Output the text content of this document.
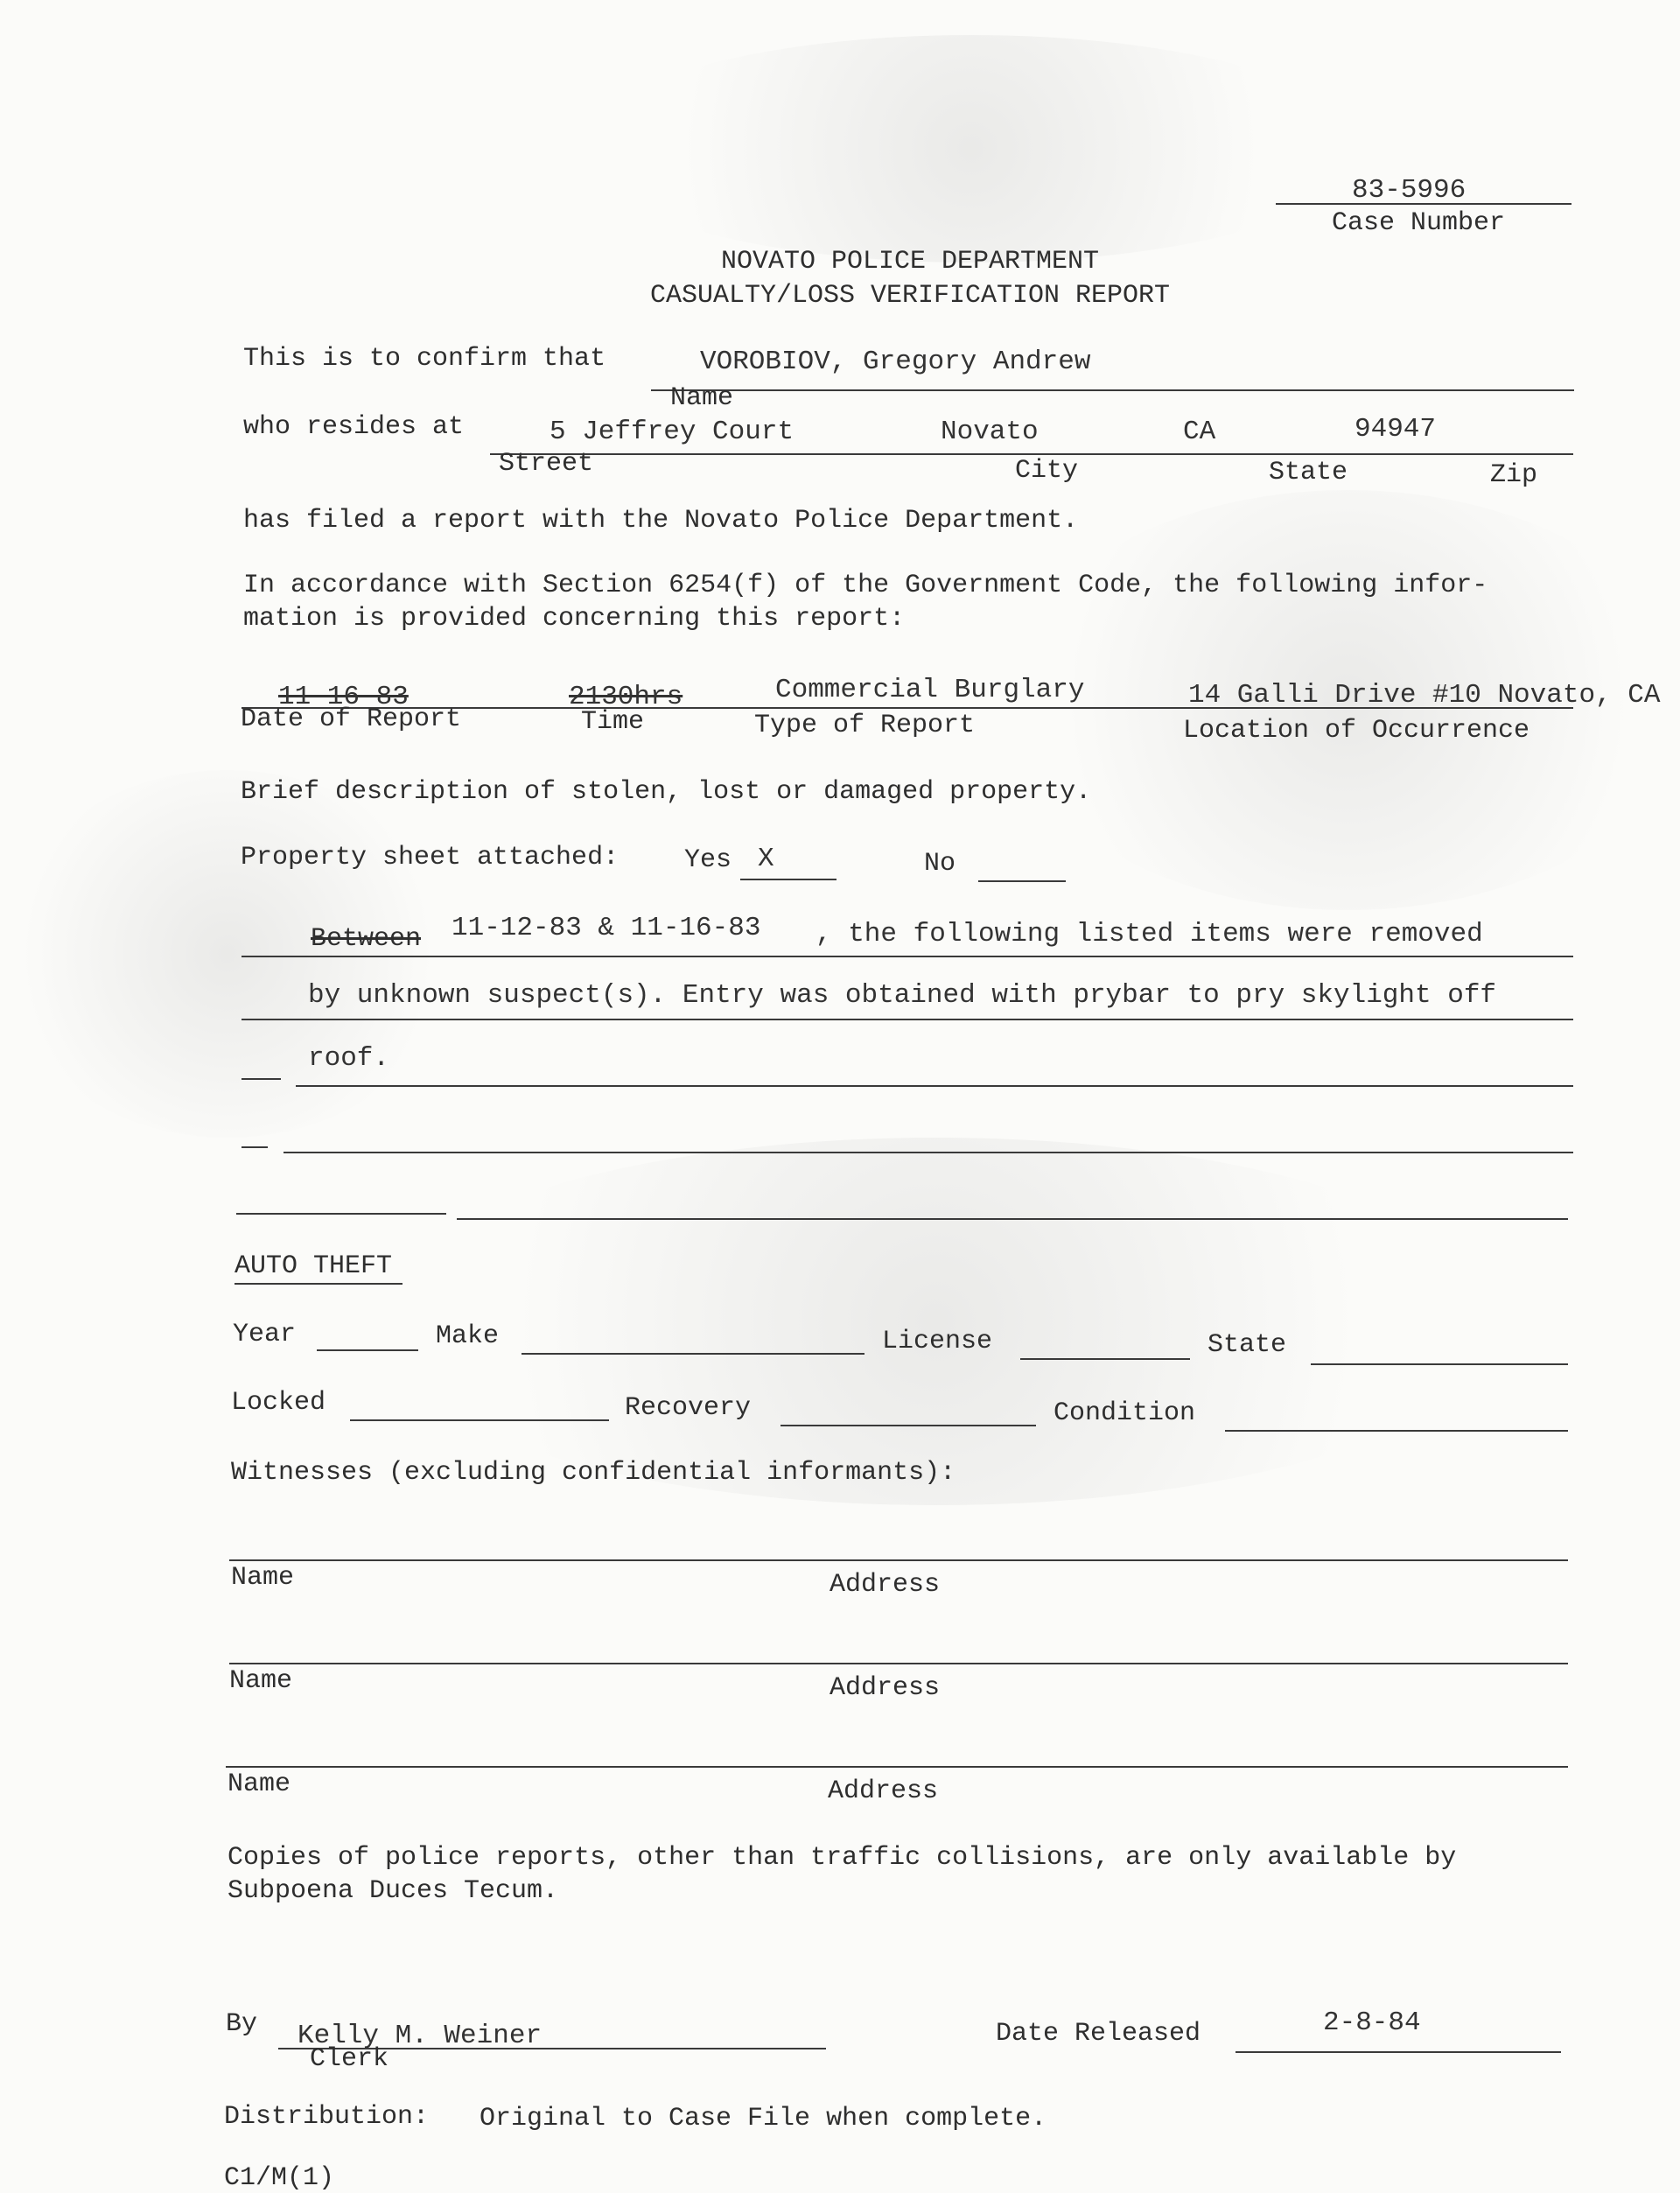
83-5996
Case Number
NOVATO POLICE DEPARTMENT
CASUALTY/LOSS VERIFICATION REPORT
This is to confirm that	VOROBIOV, Gregory Andrew
Name
who resides at	5 Jeffrey Court	Novato	CA	94947
Street	City	State	Zip
has filed a report with the Novato Police Department.
In accordance with Section 6254(f) of the Government Code, the following infor-
mation is provided concerning this report:
11-16-83	2130hrs	Commercial Burglary	14 Galli Drive #10 Novato, CA
Date of Report	Time	Type of Report	Location of Occurrence
Brief description of stolen, lost or damaged property.
Property sheet attached: Yes X	No
Between 11-12-83 & 11-16-83 , the following listed items were removed
by unknown suspect(s). Entry was obtained with prybar to pry skylight off
roof.
AUTO THEFT
Year	Make	License	State
Locked	Recovery	Condition
Witnesses (excluding confidential informants):
Name	Address
Name	Address
Name	Address
Copies of police reports, other than traffic collisions, are only available by
Subpoena Duces Tecum.
By Kelly M. Weiner
Clerk
Date Released	2-8-84
Distribution: Original to Case File when complete.
C1/M(1)
